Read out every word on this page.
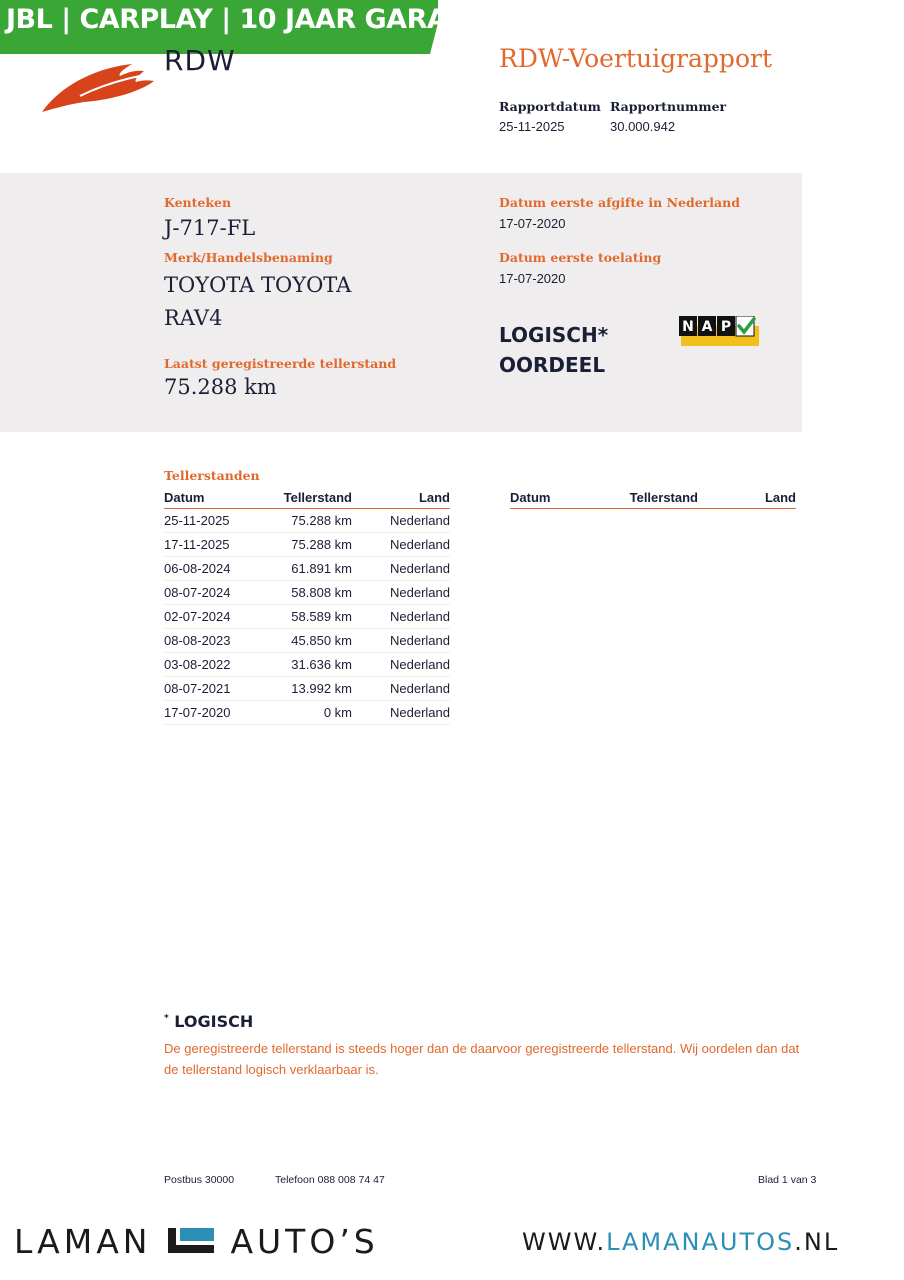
JBL | CARPLAY | 10 JAAR GARANTIE
RDW	RDW-Voertuigrapport
Rapportdatum
25-11-2025
Rapportnummer
30.000.942
Kenteken
J-717-FL
Merk/Handelsbenaming
TOYOTA TOYOTA
RAV4
Laatst geregistreerde tellerstand
75.288 km
Datum eerste afgifte in Nederland
17-07-2020
Datum eerste toelating
17-07-2020
LOGISCH*
OORDEEL
N A P
Tellerstanden
Datum	Tellerstand	Land
25-11-2025	75.288 km	Nederland
17-11-2025	75.288 km	Nederland
06-08-2024	61.891 km	Nederland
08-07-2024	58.808 km	Nederland
02-07-2024	58.589 km	Nederland
08-08-2023	45.850 km	Nederland
03-08-2022	31.636 km	Nederland
08-07-2021	13.992 km	Nederland
17-07-2020	0 km	Nederland
Datum	Tellerstand	Land
* LOGISCH
De geregistreerde tellerstand is steeds hoger dan de daarvoor geregistreerde tellerstand. Wij oordelen dan dat de tellerstand logisch verklaarbaar is.
Postbus 30000	Telefoon 088 008 74 47	Blad 1 van 3
LAMAN AUTO’S	WWW.LAMANAUTOS.NL
